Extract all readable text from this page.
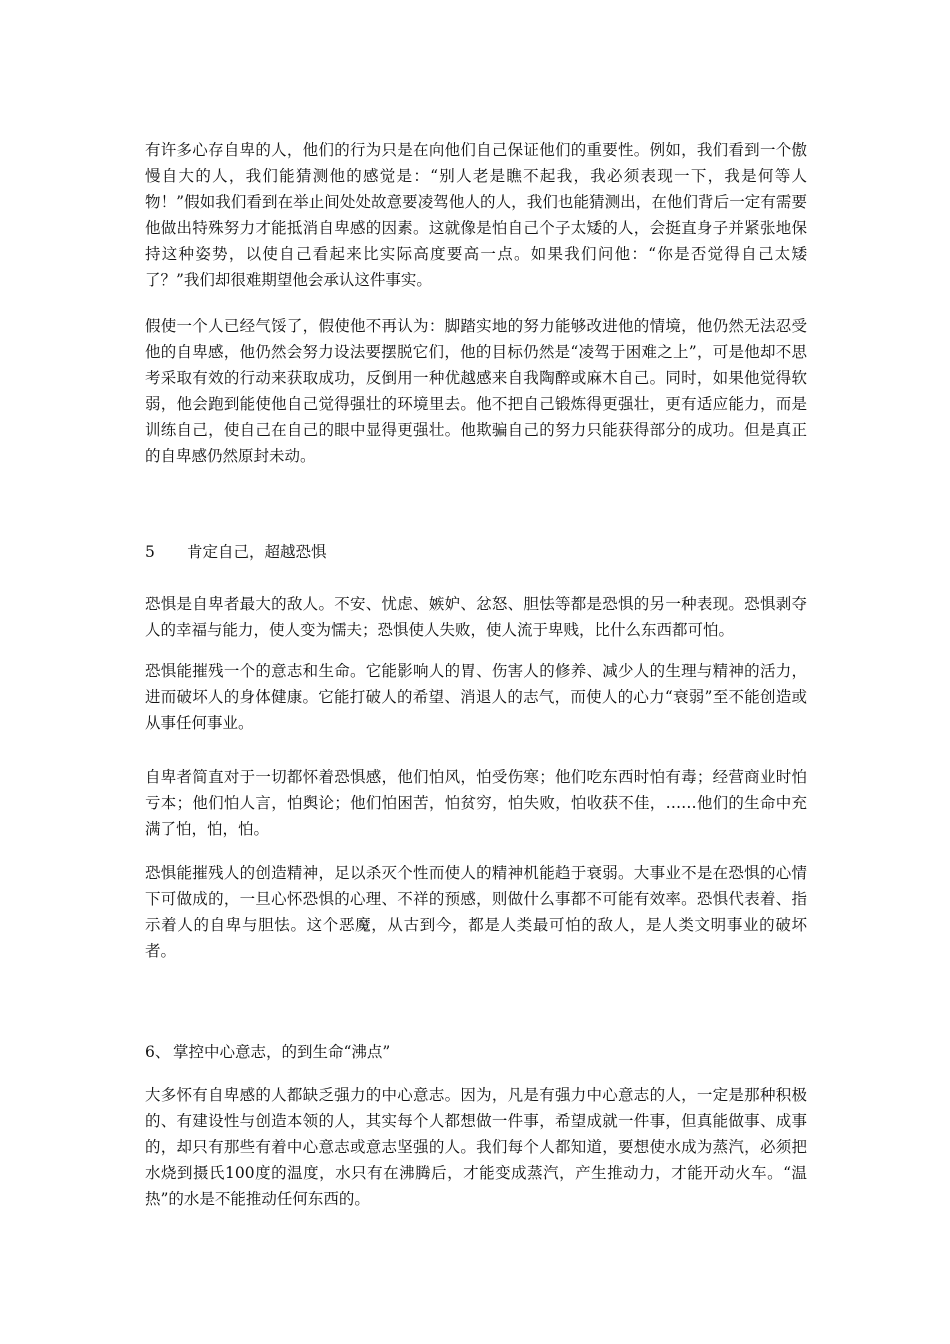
有许多心存自卑的人，他们的行为只是在向他们自己保证他们的重要性。例如，我们看到一个傲慢自大的人，我们能猜测他的感觉是：“别人老是瞧不起我，我必须表现一下，我是何等人物！”假如我们看到在举止间处处故意要凌驾他人的人，我们也能猜测出，在他们背后一定有需要他做出特殊努力才能抵消自卑感的因素。这就像是怕自己个子太矮的人，会挺直身子并紧张地保持这种姿势，以使自己看起来比实际高度要高一点。如果我们问他：“你是否觉得自己太矮了？”我们却很难期望他会承认这件事实。

假使一个人已经气馁了，假使他不再认为：脚踏实地的努力能够改进他的情境，他仍然无法忍受他的自卑感，他仍然会努力设法要摆脱它们，他的目标仍然是“凌驾于困难之上”，可是他却不思考采取有效的行动来获取成功，反倒用一种优越感来自我陶醉或麻木自己。同时，如果他觉得软弱，他会跑到能使他自己觉得强壮的环境里去。他不把自己锻炼得更强壮，更有适应能力，而是训练自己，使自己在自己的眼中显得更强壮。他欺骗自己的努力只能获得部分的成功。但是真正的自卑感仍然原封未动。

5 肯定自己，超越恐惧

恐惧是自卑者最大的敌人。不安、忧虑、嫉妒、忿怒、胆怯等都是恐惧的另一种表现。恐惧剥夺人的幸福与能力，使人变为懦夫；恐惧使人失败，使人流于卑贱，比什么东西都可怕。

恐惧能摧残一个的意志和生命。它能影响人的胃、伤害人的修养、减少人的生理与精神的活力，进而破坏人的身体健康。它能打破人的希望、消退人的志气，而使人的心力“衰弱”至不能创造或从事任何事业。

自卑者简直对于一切都怀着恐惧感，他们怕风，怕受伤寒；他们吃东西时怕有毒；经营商业时怕亏本；他们怕人言，怕舆论；他们怕困苦，怕贫穷，怕失败，怕收获不佳，……他们的生命中充满了怕，怕，怕。

恐惧能摧残人的创造精神，足以杀灭个性而使人的精神机能趋于衰弱。大事业不是在恐惧的心情下可做成的，一旦心怀恐惧的心理、不祥的预感，则做什么事都不可能有效率。恐惧代表着、指示着人的自卑与胆怯。这个恶魔，从古到今，都是人类最可怕的敌人，是人类文明事业的破坏者。

6、 掌控中心意志，的到生命“沸点”

大多怀有自卑感的人都缺乏强力的中心意志。因为，凡是有强力中心意志的人，一定是那种积极的、有建设性与创造本领的人，其实每个人都想做一件事，希望成就一件事，但真能做事、成事的，却只有那些有着中心意志或意志坚强的人。我们每个人都知道，要想使水成为蒸汽，必须把水烧到摄氏100度的温度，水只有在沸腾后，才能变成蒸汽，产生推动力，才能开动火车。“温热”的水是不能推动任何东西的。
